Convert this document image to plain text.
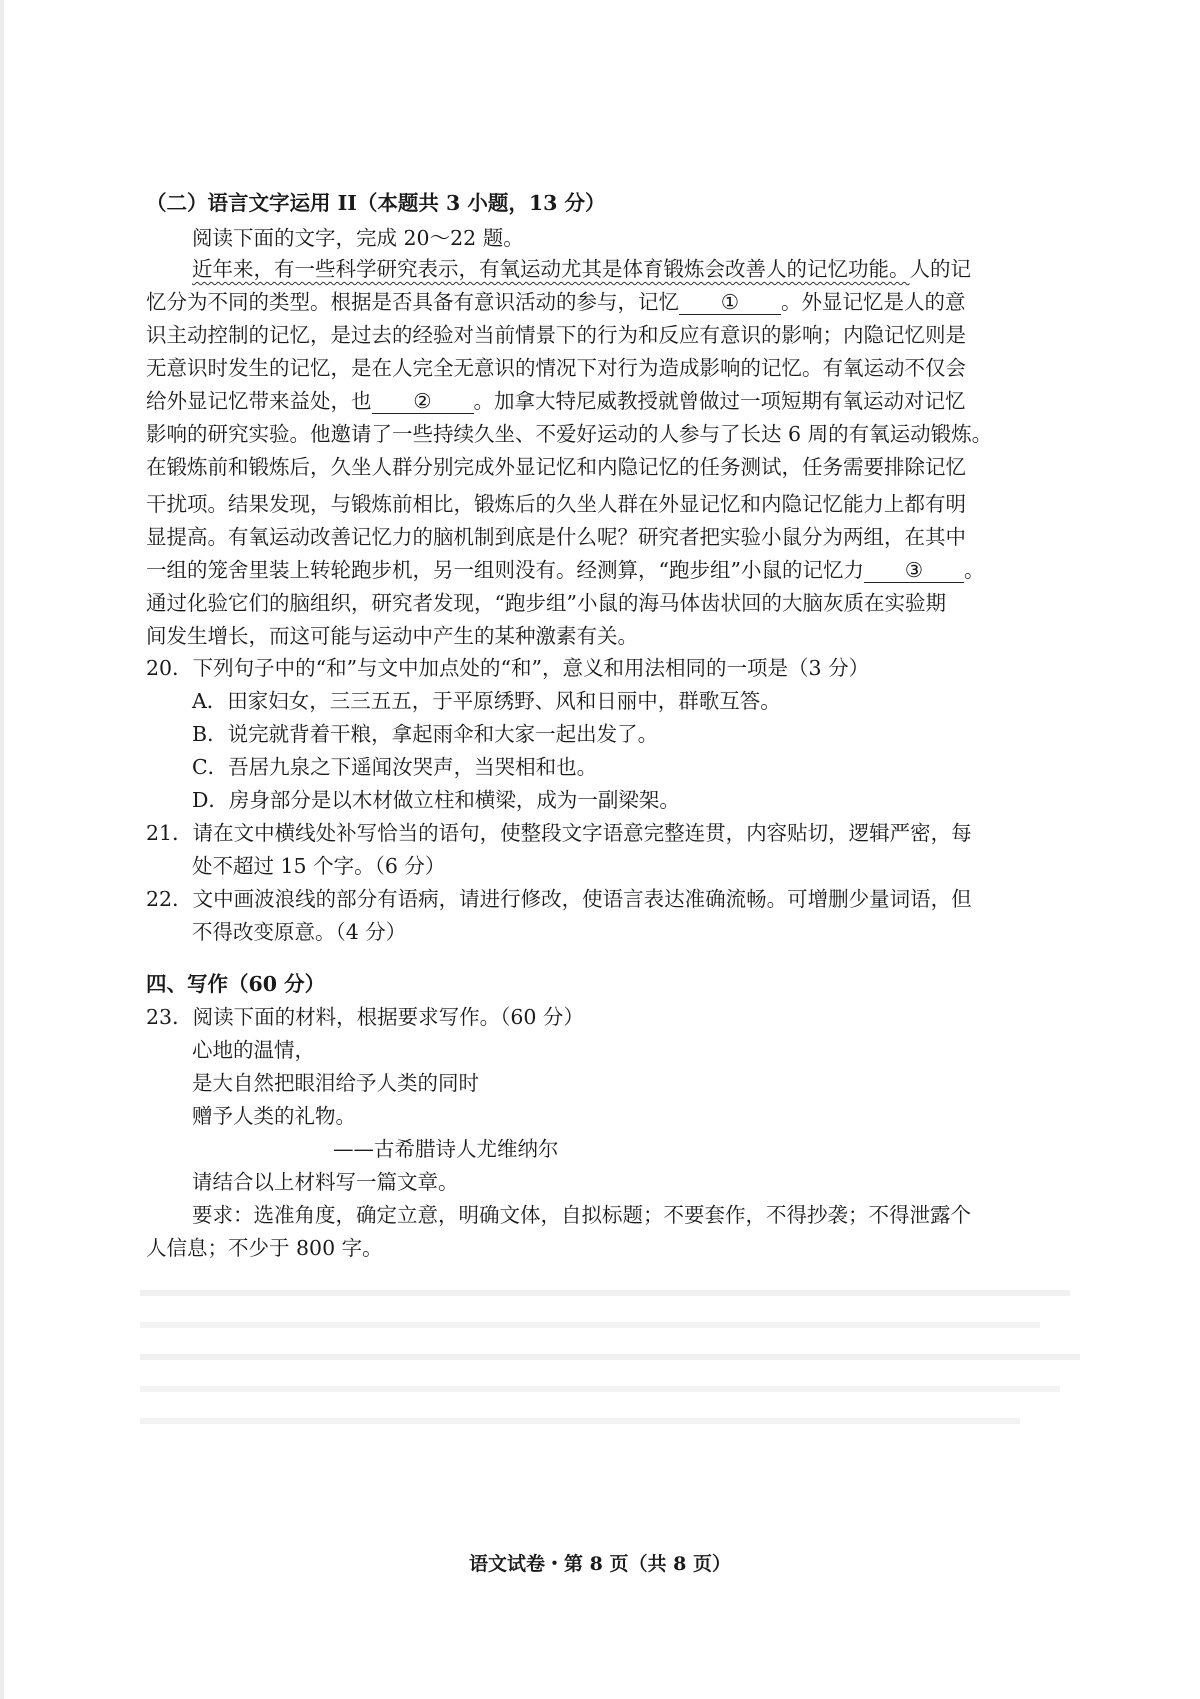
（二）语言文字运用 II（本题共 3 小题，13 分）
阅读下面的文字，完成 20～22 题。
近年来，有一些科学研究表示，有氧运动尤其是体育锻炼会改善人的记忆功能。人的记
忆分为不同的类型。根据是否具备有意识活动的参与，记忆 ① 。外显记忆是人的意
识主动控制的记忆，是过去的经验对当前情景下的行为和反应有意识的影响；内隐记忆则是
无意识时发生的记忆，是在人完全无意识的情况下对行为造成影响的记忆。有氧运动不仅会
给外显记忆带来益处，也 ② 。加拿大特尼威教授就曾做过一项短期有氧运动对记忆
影响的研究实验。他邀请了一些持续久坐、不爱好运动的人参与了长达 6 周的有氧运动锻炼。
在锻炼前和锻炼后，久坐人群分别完成外显记忆和内隐记忆的任务测试，任务需要排除记忆
干扰项。结果发现，与锻炼前相比，锻炼后的久坐人群在外显记忆和内隐记忆能力上都有明
显提高。有氧运动改善记忆力的脑机制到底是什么呢？研究者把实验小鼠分为两组，在其中
一组的笼舍里装上转轮跑步机，另一组则没有。经测算，“跑步组”小鼠的记忆力 ③ 。
通过化验它们的脑组织，研究者发现，“跑步组”小鼠的海马体齿状回的大脑灰质在实验期
间发生增长，而这可能与运动中产生的某种激素有关。
20．下列句子中的“和”与文中加点处的“和”，意义和用法相同的一项是（3 分）
A．田家妇女，三三五五，于平原绣野、风和日丽中，群歌互答。
B．说完就背着干粮，拿起雨伞和大家一起出发了。
C．吾居九泉之下遥闻汝哭声，当哭相和也。
D．房身部分是以木材做立柱和横梁，成为一副梁架。
21．请在文中横线处补写恰当的语句，使整段文字语意完整连贯，内容贴切，逻辑严密，每
处不超过 15 个字。（6 分）
22．文中画波浪线的部分有语病，请进行修改，使语言表达准确流畅。可增删少量词语，但
不得改变原意。（4 分）
四、写作（60 分）
23．阅读下面的材料，根据要求写作。（60 分）
心地的温情，
是大自然把眼泪给予人类的同时
赠予人类的礼物。
——古希腊诗人尤维纳尔
请结合以上材料写一篇文章。
要求：选准角度，确定立意，明确文体，自拟标题；不要套作，不得抄袭；不得泄露个
人信息；不少于 800 字。
语文试卷・第 8 页（共 8 页）
